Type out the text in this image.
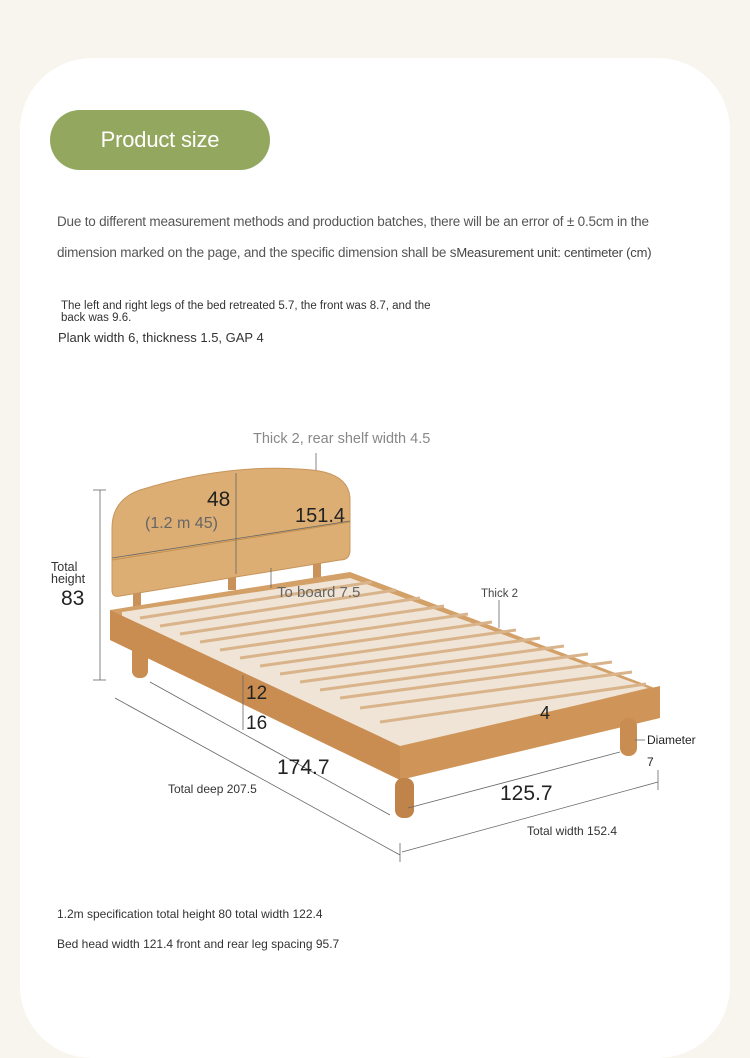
Product size
Due to different measurement methods and production batches, there will be an error of ± 0.5cm in the
dimension marked on the page, and the specific dimension shall be sMeasurement unit: centimeter (cm)
The left and right legs of the bed retreated 5.7, the front was 8.7, and the back was 9.6.
Plank width 6, thickness 1.5, GAP 4
Thick 2, rear shelf width 4.5
48
(1.2 m 45)	151.4
To board 7.5
Total
height
83	Thick 2
12
16	4
174.7
125.7
Total deep 207.5
Total width 152.4
Diameter
7
1.2m specification total height 80 total width 122.4
Bed head width 121.4 front and rear leg spacing 95.7
